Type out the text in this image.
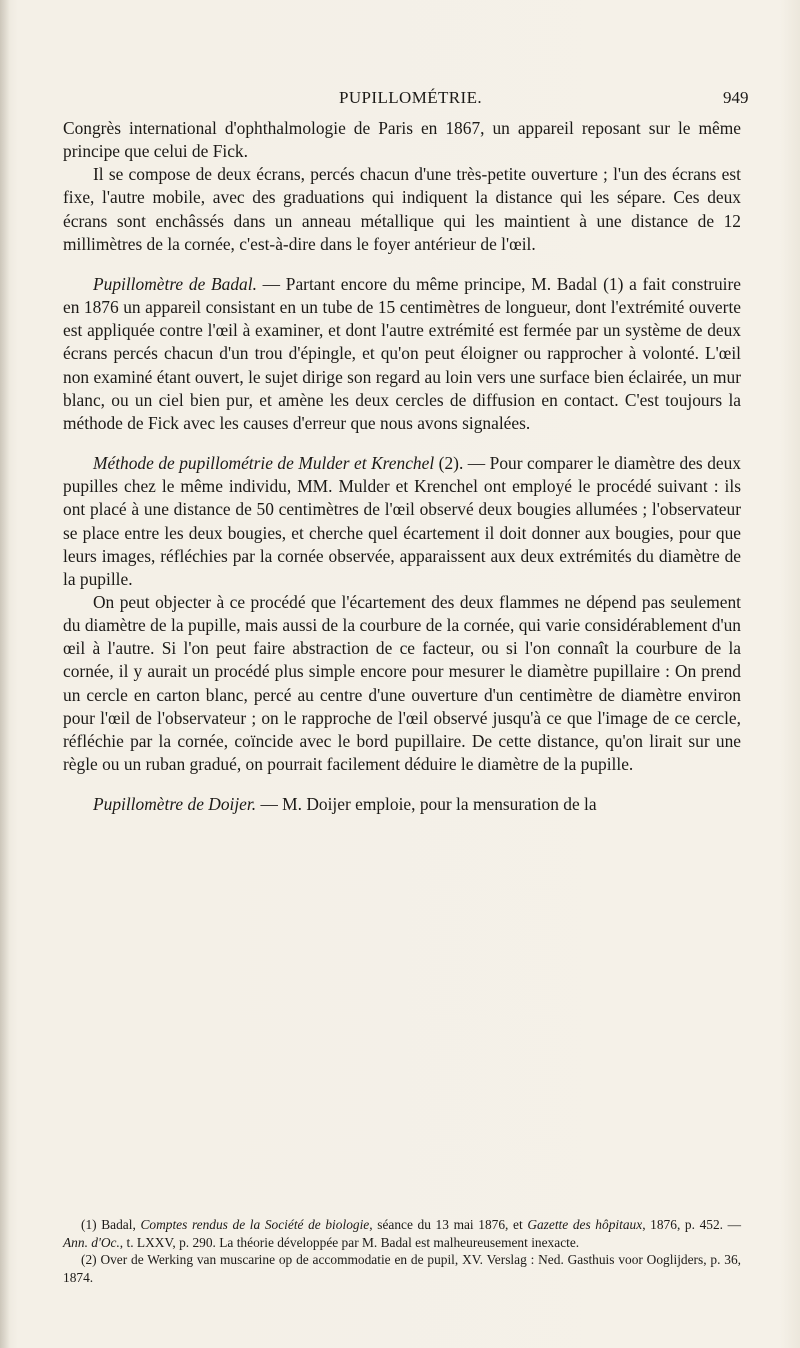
PUPILLOMÉTRIE.	949

Congrès international d'ophthalmologie de Paris en 1867, un appareil reposant sur le même principe que celui de Fick.

Il se compose de deux écrans, percés chacun d'une très-petite ouverture ; l'un des écrans est fixe, l'autre mobile, avec des graduations qui indiquent la distance qui les sépare. Ces deux écrans sont enchâssés dans un anneau métallique qui les maintient à une distance de 12 millimètres de la cornée, c'est-à-dire dans le foyer antérieur de l'œil.

Pupillomètre de Badal. — Partant encore du même principe, M. Badal (1) a fait construire en 1876 un appareil consistant en un tube de 15 centimètres de longueur, dont l'extrémité ouverte est appliquée contre l'œil à examiner, et dont l'autre extrémité est fermée par un système de deux écrans percés chacun d'un trou d'épingle, et qu'on peut éloigner ou rapprocher à volonté. L'œil non examiné étant ouvert, le sujet dirige son regard au loin vers une surface bien éclairée, un mur blanc, ou un ciel bien pur, et amène les deux cercles de diffusion en contact. C'est toujours la méthode de Fick avec les causes d'erreur que nous avons signalées.

Méthode de pupillométrie de Mulder et Krenchel (2). — Pour comparer le diamètre des deux pupilles chez le même individu, MM. Mulder et Krenchel ont employé le procédé suivant : ils ont placé à une distance de 50 centimètres de l'œil observé deux bougies allumées ; l'observateur se place entre les deux bougies, et cherche quel écartement il doit donner aux bougies, pour que leurs images, réfléchies par la cornée observée, apparaissent aux deux extrémités du diamètre de la pupille.

On peut objecter à ce procédé que l'écartement des deux flammes ne dépend pas seulement du diamètre de la pupille, mais aussi de la courbure de la cornée, qui varie considérablement d'un œil à l'autre. Si l'on peut faire abstraction de ce facteur, ou si l'on connaît la courbure de la cornée, il y aurait un procédé plus simple encore pour mesurer le diamètre pupillaire : On prend un cercle en carton blanc, percé au centre d'une ouverture d'un centimètre de diamètre environ pour l'œil de l'observateur ; on le rapproche de l'œil observé jusqu'à ce que l'image de ce cercle, réfléchie par la cornée, coïncide avec le bord pupillaire. De cette distance, qu'on lirait sur une règle ou un ruban gradué, on pourrait facilement déduire le diamètre de la pupille.

Pupillomètre de Doijer. — M. Doijer emploie, pour la mensuration de la

(1) Badal, Comptes rendus de la Société de biologie, séance du 13 mai 1876, et Gazette des hôpitaux, 1876, p. 452. — Ann. d'Oc., t. LXXV, p. 290. La théorie développée par M. Badal est malheureusement inexacte.

(2) Over de Werking van muscarine op de accommodatie en de pupil, XV. Verslag : Ned. Gasthuis voor Ooglijders, p. 36, 1874.
